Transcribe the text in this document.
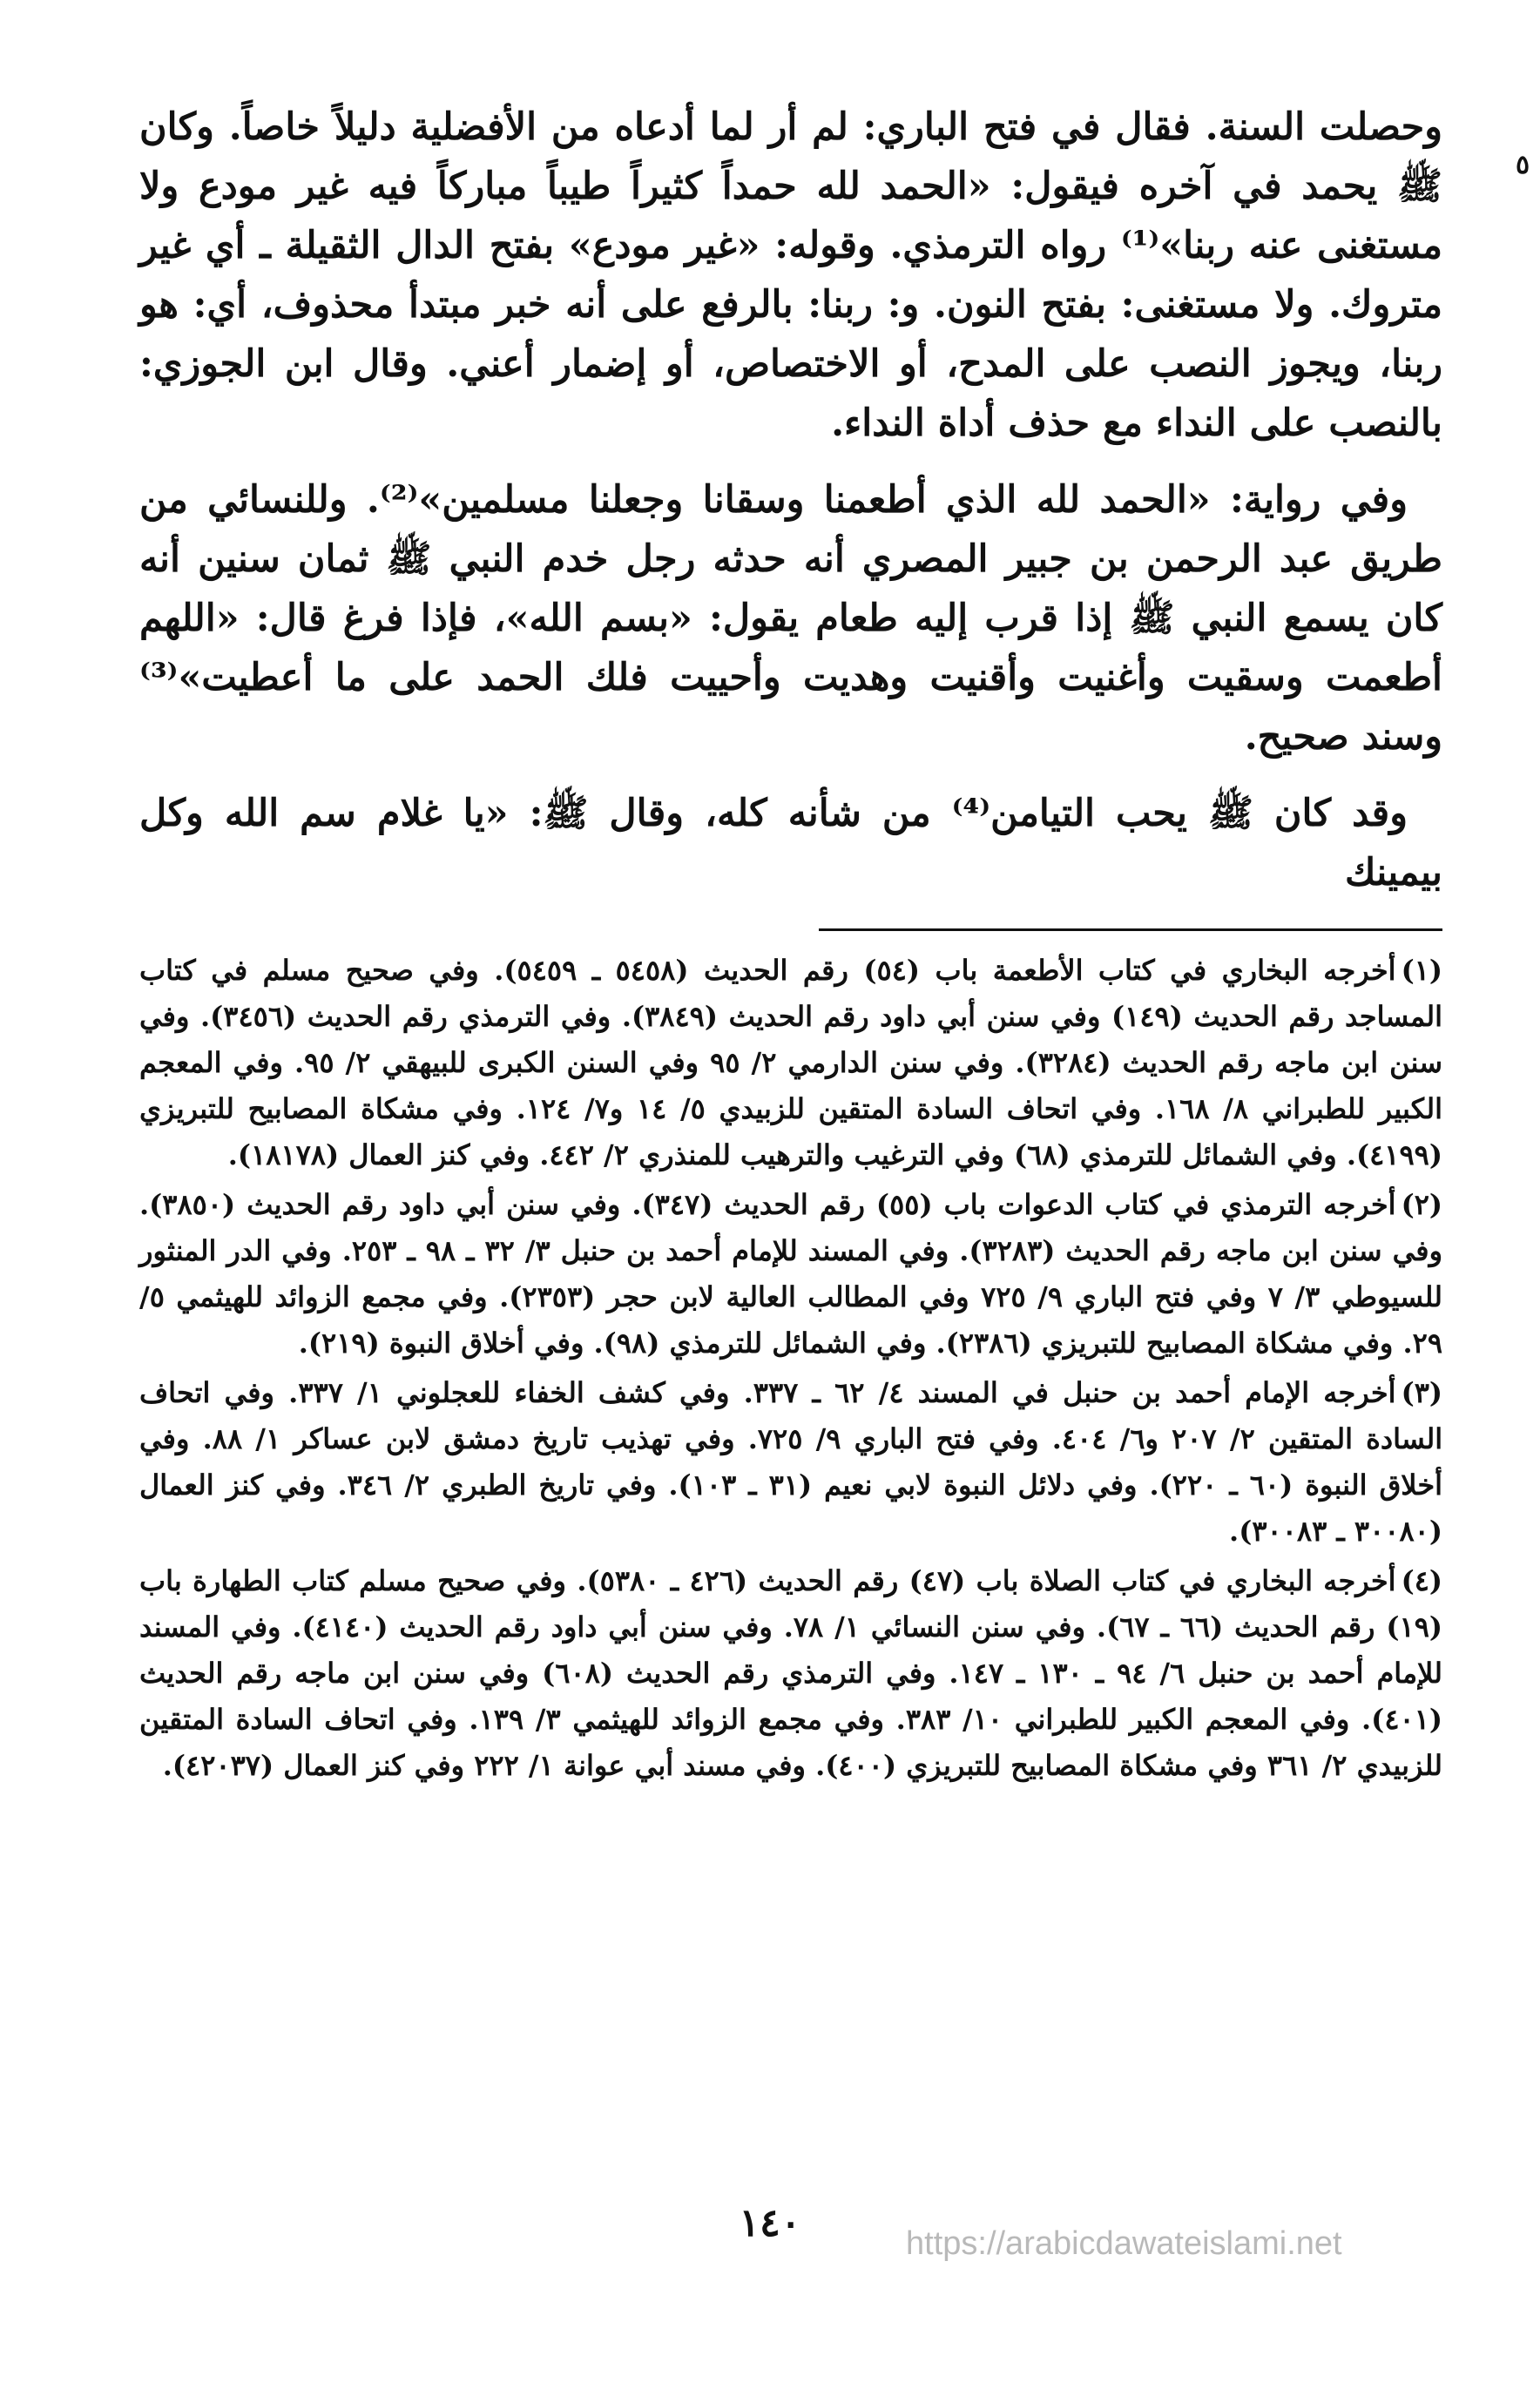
٥

وحصلت السنة. فقال في فتح الباري: لم أر لما أدعاه من الأفضلية دليلاً خاصاً. وكان ﷺ يحمد في آخره فيقول: «الحمد لله حمداً كثيراً طيباً مباركاً فيه غير مودع ولا مستغنى عنه ربنا»⁽¹⁾ رواه الترمذي. وقوله: «غير مودع» بفتح الدال الثقيلة ـ أي غير متروك. ولا مستغنى: بفتح النون. و: ربنا: بالرفع على أنه خبر مبتدأ محذوف، أي: هو ربنا، ويجوز النصب على المدح، أو الاختصاص، أو إضمار أعني. وقال ابن الجوزي: بالنصب على النداء مع حذف أداة النداء.

وفي رواية: «الحمد لله الذي أطعمنا وسقانا وجعلنا مسلمين»⁽²⁾. وللنسائي من طريق عبد الرحمن بن جبير المصري أنه حدثه رجل خدم النبي ﷺ ثمان سنين أنه كان يسمع النبي ﷺ إذا قرب إليه طعام يقول: «بسم الله»، فإذا فرغ قال: «اللهم أطعمت وسقيت وأغنيت وأقنيت وهديت وأحييت فلك الحمد على ما أعطيت»⁽³⁾ وسند صحيح.

وقد كان ﷺ يحب التيامن⁽⁴⁾ من شأنه كله، وقال ﷺ: «يا غلام سم الله وكل بيمينك

(١)أخرجه البخاري في كتاب الأطعمة باب (٥٤) رقم الحديث (٥٤٥٨ ـ ٥٤٥٩). وفي صحيح مسلم في كتاب المساجد رقم الحديث (١٤٩) وفي سنن أبي داود رقم الحديث (٣٨٤٩). وفي الترمذي رقم الحديث (٣٤٥٦). وفي سنن ابن ماجه رقم الحديث (٣٢٨٤). وفي سنن الدارمي ٢/ ٩٥ وفي السنن الكبرى للبيهقي ٢/ ٩٥. وفي المعجم الكبير للطبراني ٨/ ١٦٨. وفي اتحاف السادة المتقين للزبيدي ٥/ ١٤ و٧/ ١٢٤. وفي مشكاة المصابيح للتبريزي (٤١٩٩). وفي الشمائل للترمذي (٦٨) وفي الترغيب والترهيب للمنذري ٢/ ٤٤٢. وفي كنز العمال (١٨١٧٨).
(٢)أخرجه الترمذي في كتاب الدعوات باب (٥٥) رقم الحديث (٣٤٧). وفي سنن أبي داود رقم الحديث (٣٨٥٠). وفي سنن ابن ماجه رقم الحديث (٣٢٨٣). وفي المسند للإمام أحمد بن حنبل ٣/ ٣٢ ـ ٩٨ ـ ٢٥٣. وفي الدر المنثور للسيوطي ٣/ ٧ وفي فتح الباري ٩/ ٧٢٥ وفي المطالب العالية لابن حجر (٢٣٥٣). وفي مجمع الزوائد للهيثمي ٥/ ٢٩. وفي مشكاة المصابيح للتبريزي (٢٣٨٦). وفي الشمائل للترمذي (٩٨). وفي أخلاق النبوة (٢١٩).
(٣)أخرجه الإمام أحمد بن حنبل في المسند ٤/ ٦٢ ـ ٣٣٧. وفي كشف الخفاء للعجلوني ١/ ٣٣٧. وفي اتحاف السادة المتقين ٢/ ٢٠٧ و٦/ ٤٠٤. وفي فتح الباري ٩/ ٧٢٥. وفي تهذيب تاريخ دمشق لابن عساكر ١/ ٨٨. وفي أخلاق النبوة (٦٠ ـ ٢٢٠). وفي دلائل النبوة لابي نعيم (٣١ ـ ١٠٣). وفي تاريخ الطبري ٢/ ٣٤٦. وفي كنز العمال (٣٠٠٨٠ ـ ٣٠٠٨٣).
(٤)أخرجه البخاري في كتاب الصلاة باب (٤٧) رقم الحديث (٤٢٦ ـ ٥٣٨٠). وفي صحيح مسلم كتاب الطهارة باب (١٩) رقم الحديث (٦٦ ـ ٦٧). وفي سنن النسائي ١/ ٧٨. وفي سنن أبي داود رقم الحديث (٤١٤٠). وفي المسند للإمام أحمد بن حنبل ٦/ ٩٤ ـ ١٣٠ ـ ١٤٧. وفي الترمذي رقم الحديث (٦٠٨) وفي سنن ابن ماجه رقم الحديث (٤٠١). وفي المعجم الكبير للطبراني ١٠/ ٣٨٣. وفي مجمع الزوائد للهيثمي ٣/ ١٣٩. وفي اتحاف السادة المتقين للزبيدي ٢/ ٣٦١ وفي مشكاة المصابيح للتبريزي (٤٠٠). وفي مسند أبي عوانة ١/ ٢٢٢ وفي كنز العمال (٤٢٠٣٧).
١٤٠	https://arabicdawateislami.net
